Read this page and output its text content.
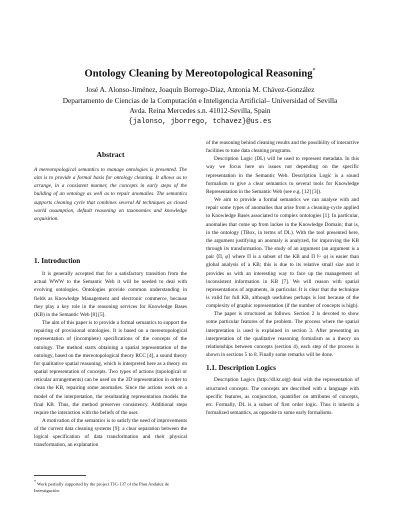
Ontology Cleaning by Mereotopological Reasoning*
José A. Alonso-Jiménez, Joaquín Borrego-Díaz, Antonia M. Chávez-González
Departamento de Ciencias de la Computación e Inteligencia Artificial– Universidad of Sevilla
Avda. Reina Mercedes s.n. 41012-Sevilla, Spain
{jalonso, jborrego, tchavez}@us.es
Abstract
A mereotopological semantics to manage ontologies is presented. The aim is to provide a formal basis for ontology cleaning. It allows us to arrange, in a consistent manner, the concepts in early steps of the building of an ontology as well as to repair anomalies. The semantics supports cleaning cycle that combines several AI techniques as closed world assumption, default reasoning on taxonomies and knowledge acquisition.
1. Introduction

It is generally accepted that for a satisfactory transition from the actual WWW to the Semantic Web it will be needed to deal with evolving ontologies. Ontologies provide common understanding in fields as Knowledge Management and electronic commerce, because they play a key role in the reasoning services for Knowledge Bases (KB) in the Semantic Web [8] [5].

The aim of this paper is to provide a formal semantics to support the repairing of provisional ontologies. It is based on a mereotopological representation of (incomplete) specifications of the concepts of the ontology. The method starts obtaining a spatial representation of the ontology, based on the mereotopological theory RCC [4], a sound theory for qualitative spatial reasoning, which is interpreted here as a theory on spatial representation of concepts. Two types of actions (topological or reticular arrangements) can be used on the 2D representation in order to clean the KB, repairing some anomalies. Since the actions work on a model of the interpretation, the resultanting representation models the final KB. Thus, the method preserves consistency. Additional steps require the interaction with the beliefs of the user.

A motivation of the semantics is to satisfy the need of improvements of the current data cleaning systems [9]: a clear separation between the logical specification of data transformation and their physical transformation, an explanation

* Work partially supported by the project TIC-137 of the Plan Andaluz de Investigación.

of the reasoning behind cleaning results and the possibility of interactive facilities to tune data cleaning programs.

Description Logic (DL) will be used to represent metadata. In this way we focus here on issues not depending on the specific representation in the Semantic Web. Description Logic is a sound formalism to give a clear semantics to several tools for Knowledge Representation in the Semantic Web (see e.g. [12] [3]).

We aim to provide a formal semantics we can analyse with and repair some types of anomalies that arise from a cleaning-cycle applied to Knowledge Bases associated to complex ontologies [1]. In particular, anomalies that come up from lackes in the Knowledge Domain; that is, in the ontology (TBox, in terms of DL). With the tool presented here, the argument justifying an anomaly is analyzed, for improving the KB through its transformation. The study of an argument (an argument is a pair ⟨Π, φ⟩ where Π is a subset of the KB and Π ⊢ φ) is easier than global analysis of a KB; this is due to its relative small size and it provides us with an interesting way to face up the management of inconsistent information in KB [7]. We will reason with spatial representations of arguments, in particular. It is clear that the technique is valid for full KB, although usefulnes perhaps is lost because of the complexity of graphic representation (if the number of concepts is high).

The paper is structured as follows. Section 2 is devoted to show some particular features of the problem. The process where the spatial interpretation is used is explained in section 3. After presenting an interpretation of the qualitative reasoning formalism as a theory on relationships between concepts (section 4), each step of the process is shown in sections 5 to 8. Finally some remarks will be done.

1.1. Description Logics

Description Logics (http://dl.kr.org) deal with the representation of structured concepts. The concepts are described with a language with specific features, as conjunction, quantifier on attributes of concepts, etc. Formally, DL is a subset of first order logic. Thus it inherits a formalized semantics, as opposite to some early formalisms.
